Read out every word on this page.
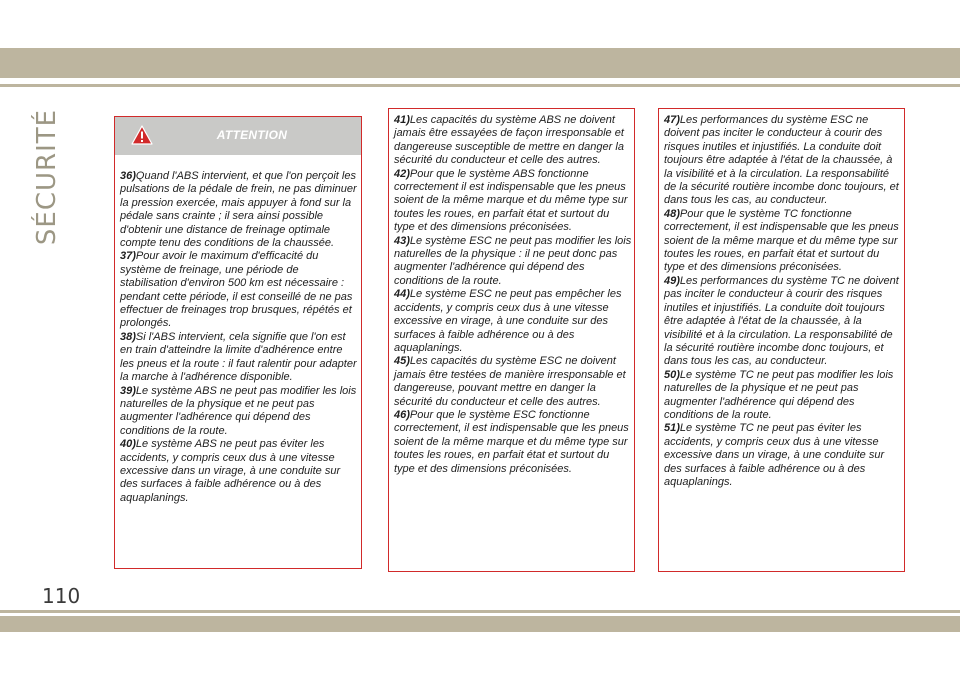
SÉCURITÉ	ATTENTION
36)Quand l'ABS intervient, et que l'on perçoit les pulsations de la pédale de frein, ne pas diminuer la pression exercée, mais appuyer à fond sur la pédale sans crainte ; il sera ainsi possible d'obtenir une distance de freinage optimale compte tenu des conditions de la chaussée.
37)Pour avoir le maximum d'efficacité du système de freinage, une période de stabilisation d'environ 500 km est nécessaire : pendant cette période, il est conseillé de ne pas effectuer de freinages trop brusques, répétés et prolongés.
38)Si l'ABS intervient, cela signifie que l'on est en train d'atteindre la limite d'adhérence entre les pneus et la route : il faut ralentir pour adapter la marche à l'adhérence disponible.
39)Le système ABS ne peut pas modifier les lois naturelles de la physique et ne peut pas augmenter l'adhérence qui dépend des conditions de la route.
40)Le système ABS ne peut pas éviter les accidents, y compris ceux dus à une vitesse excessive dans un virage, à une conduite sur des surfaces à faible adhérence ou à des aquaplanings.
41)Les capacités du système ABS ne doivent jamais être essayées de façon irresponsable et dangereuse susceptible de mettre en danger la sécurité du conducteur et celle des autres.
42)Pour que le système ABS fonctionne correctement il est indispensable que les pneus soient de la même marque et du même type sur toutes les roues, en parfait état et surtout du type et des dimensions préconisées.
43)Le système ESC ne peut pas modifier les lois naturelles de la physique : il ne peut donc pas augmenter l'adhérence qui dépend des conditions de la route.
44)Le système ESC ne peut pas empêcher les accidents, y compris ceux dus à une vitesse excessive en virage, à une conduite sur des surfaces à faible adhérence ou à des aquaplanings.
45)Les capacités du système ESC ne doivent jamais être testées de manière irresponsable et dangereuse, pouvant mettre en danger la sécurité du conducteur et celle des autres.
46)Pour que le système ESC fonctionne correctement, il est indispensable que les pneus soient de la même marque et du même type sur toutes les roues, en parfait état et surtout du type et des dimensions préconisées.
47)Les performances du système ESC ne doivent pas inciter le conducteur à courir des risques inutiles et injustifiés. La conduite doit toujours être adaptée à l'état de la chaussée, à la visibilité et à la circulation. La responsabilité de la sécurité routière incombe donc toujours, et dans tous les cas, au conducteur.
48)Pour que le système TC fonctionne correctement, il est indispensable que les pneus soient de la même marque et du même type sur toutes les roues, en parfait état et surtout du type et des dimensions préconisées.
49)Les performances du système TC ne doivent pas inciter le conducteur à courir des risques inutiles et injustifiés. La conduite doit toujours être adaptée à l'état de la chaussée, à la visibilité et à la circulation. La responsabilité de la sécurité routière incombe donc toujours, et dans tous les cas, au conducteur.
50)Le système TC ne peut pas modifier les lois naturelles de la physique et ne peut pas augmenter l'adhérence qui dépend des conditions de la route.
51)Le système TC ne peut pas éviter les accidents, y compris ceux dus à une vitesse excessive dans un virage, à une conduite sur des surfaces à faible adhérence ou à des aquaplanings.
110
